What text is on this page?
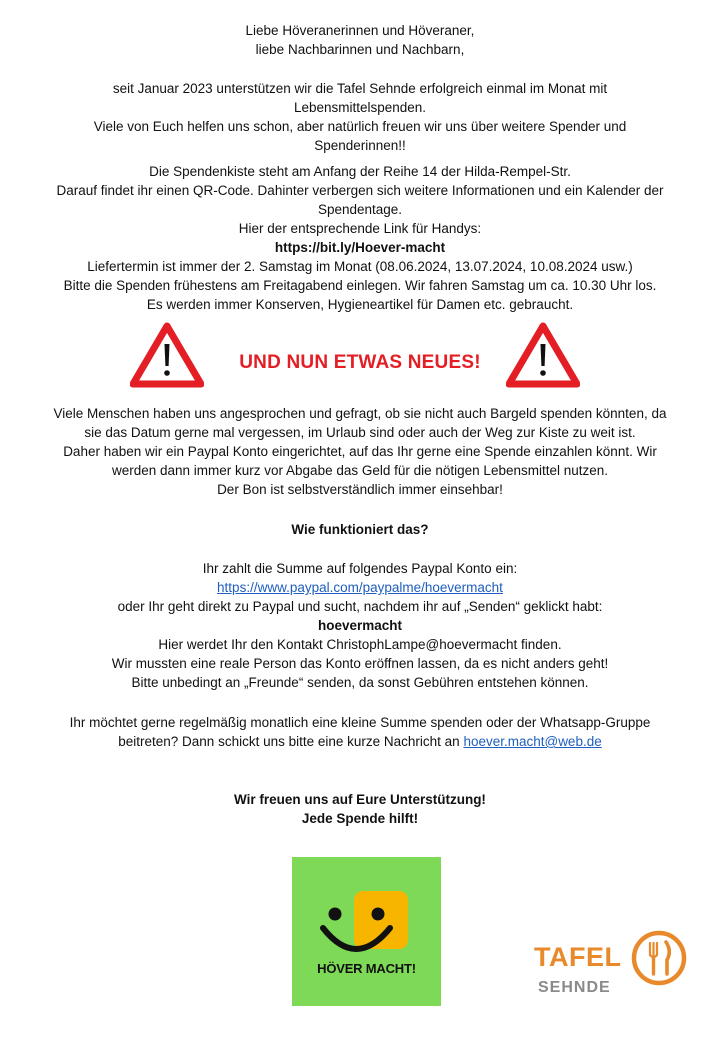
Liebe Höveranerinnen und Höveraner,
liebe Nachbarinnen und Nachbarn,
seit Januar 2023 unterstützen wir die Tafel Sehnde erfolgreich einmal im Monat mit
Lebensmittelspenden.
Viele von Euch helfen uns schon, aber natürlich freuen wir uns über weitere Spender und
Spenderinnen!!
Die Spendenkiste steht am Anfang der Reihe 14 der Hilda-Rempel-Str.
Darauf findet ihr einen QR-Code. Dahinter verbergen sich weitere Informationen und ein Kalender der
Spendentage.
Hier der entsprechende Link für Handys:
https://bit.ly/Hoever-macht
Liefertermin ist immer der 2. Samstag im Monat (08.06.2024, 13.07.2024, 10.08.2024 usw.)
Bitte die Spenden frühestens am Freitagabend einlegen. Wir fahren Samstag um ca. 10.30 Uhr los.
Es werden immer Konserven, Hygieneartikel für Damen etc. gebraucht.
UND NUN ETWAS NEUES!
Viele Menschen haben uns angesprochen und gefragt, ob sie nicht auch Bargeld spenden könnten, da
sie das Datum gerne mal vergessen, im Urlaub sind oder auch der Weg zur Kiste zu weit ist.
Daher haben wir ein Paypal Konto eingerichtet, auf das Ihr gerne eine Spende einzahlen könnt. Wir
werden dann immer kurz vor Abgabe das Geld für die nötigen Lebensmittel nutzen.
Der Bon ist selbstverständlich immer einsehbar!
Wie funktioniert das?
Ihr zahlt die Summe auf folgendes Paypal Konto ein:
https://www.paypal.com/paypalme/hoevermacht
oder Ihr geht direkt zu Paypal und sucht, nachdem ihr auf „Senden“ geklickt habt:
hoevermacht
Hier werdet Ihr den Kontakt ChristophLampe@hoevermacht finden.
Wir mussten eine reale Person das Konto eröffnen lassen, da es nicht anders geht!
Bitte unbedingt an „Freunde“ senden, da sonst Gebühren entstehen können.
Ihr möchtet gerne regelmäßig monatlich eine kleine Summe spenden oder der Whatsapp-Gruppe
beitreten? Dann schickt uns bitte eine kurze Nachricht an hoever.macht@web.de
Wir freuen uns auf Eure Unterstützung!
Jede Spende hilft!
HÖVER MACHT!	TAFEL
SEHNDE
